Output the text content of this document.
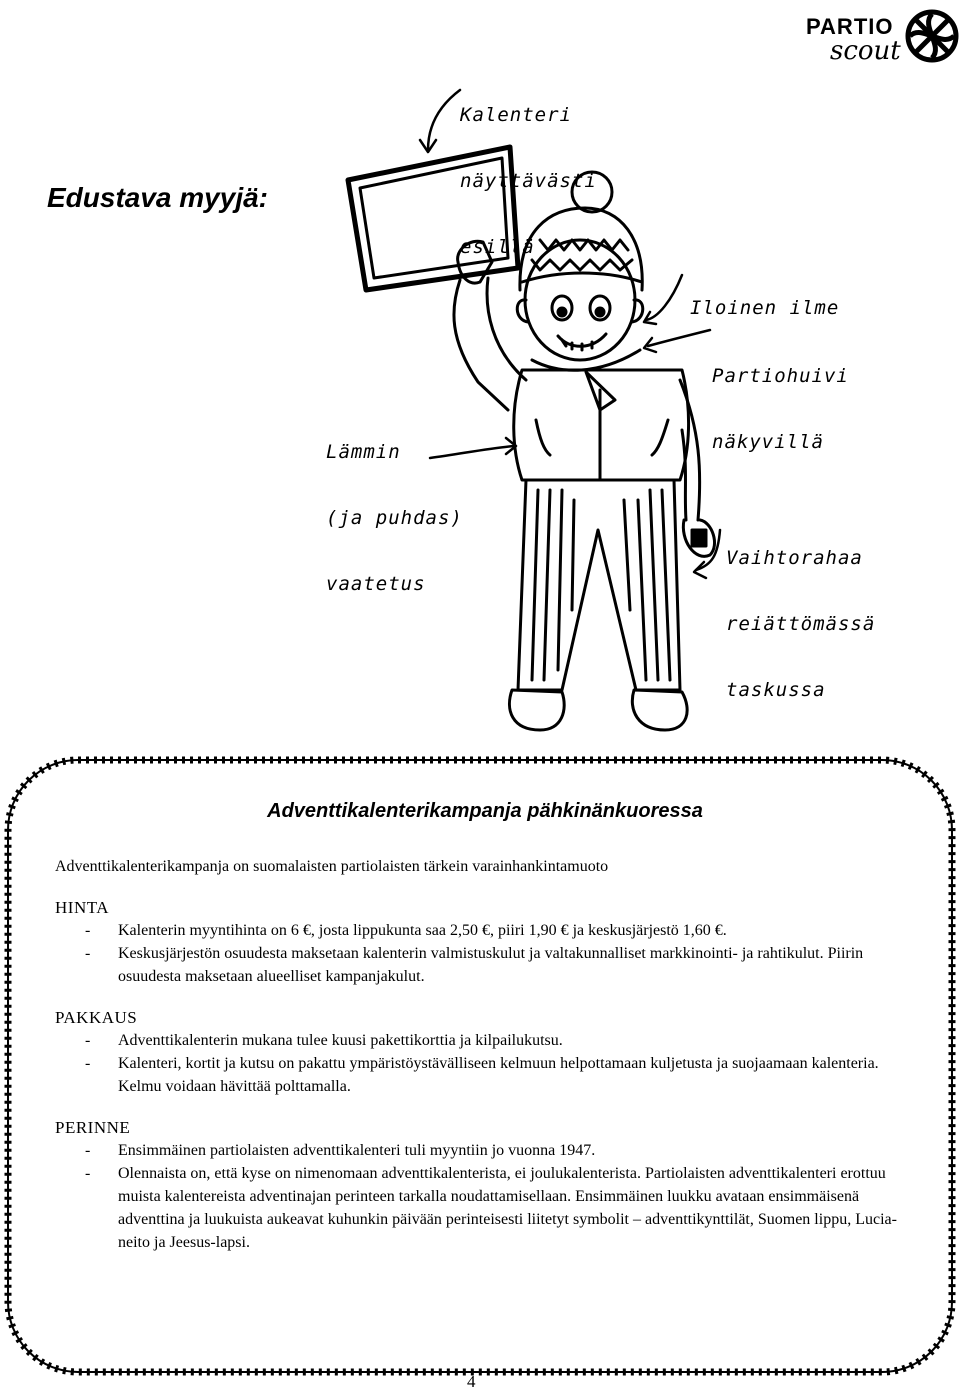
PARTIO
scout
Edustava myyjä:

Kalenteri

näyttävästi

esillä

Iloinen ilme

Partiohuivi

näkyvillä

Lämmin

(ja puhdas)

vaatetus

Vaihtorahaa

reiättömässä

taskussa

Adventtikalenterikampanja pähkinänkuoressa

Adventtikalenterikampanja on suomalaisten partiolaisten tärkein varainhankintamuoto

HINTA
- Kalenterin myyntihinta on 6 €, josta lippukunta saa 2,50 €, piiri 1,90 € ja keskusjärjestö 1,60 €.
- Keskusjärjestön osuudesta maksetaan kalenterin valmistuskulut ja valtakunnalliset markkinointi- ja rahtikulut. Piirin osuudesta maksetaan alueelliset kampanjakulut.
PAKKAUS
- Adventtikalenterin mukana tulee kuusi pakettikorttia ja kilpailukutsu.
- Kalenteri, kortit ja kutsu on pakattu ympäristöystävälliseen kelmuun helpottamaan kuljetusta ja suojaamaan kalenteria. Kelmu voidaan hävittää polttamalla.
PERINNE
- Ensimmäinen partiolaisten adventtikalenteri tuli myyntiin jo vuonna 1947.
- Olennaista on, että kyse on nimenomaan adventtikalenterista, ei joulukalenterista. Partiolaisten adventtikalenteri erottuu muista kalentereista adventinajan perinteen tarkalla noudattamisellaan. Ensimmäinen luukku avataan ensimmäisenä adventtina ja luukuista aukeavat kuhunkin päivään perinteisesti liitetyt symbolit – adventtikynttilät, Suomen lippu, Lucia-neito ja Jeesus-lapsi.
4
